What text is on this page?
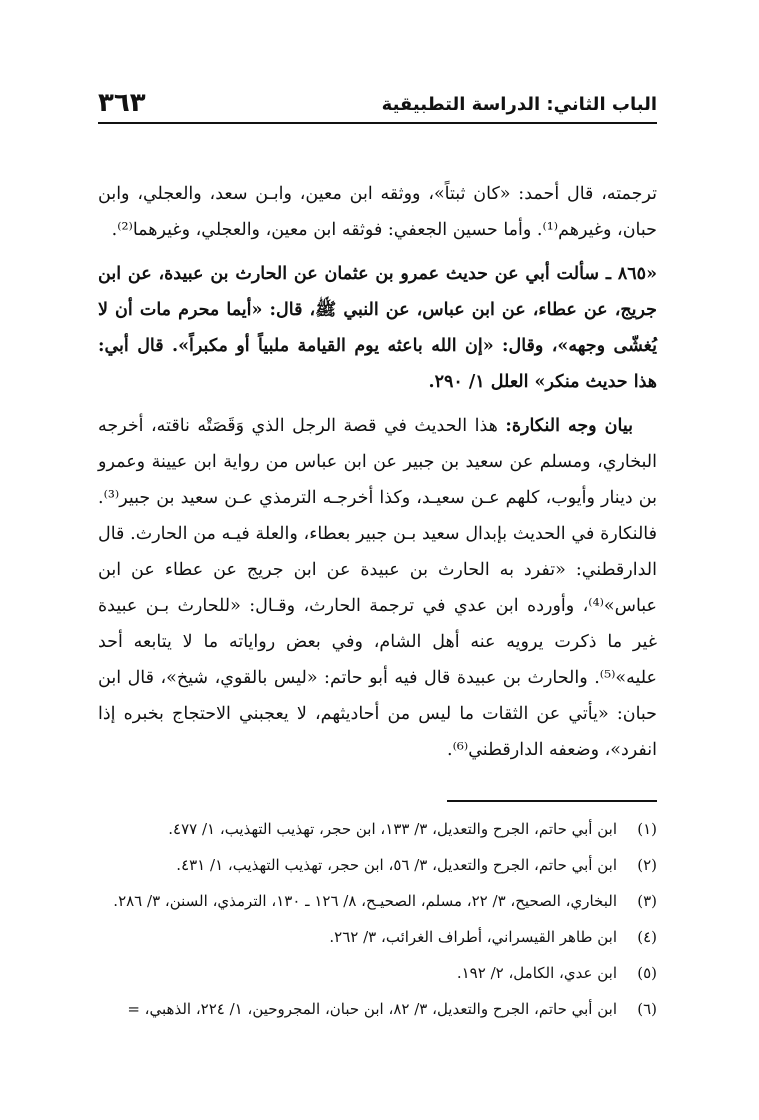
الباب الثاني: الدراسة التطبيقية
٣٦٣

ترجمته، قال أحمد: «كان ثبتاً»، ووثقه ابن معين، وابـن سعد، والعجلي، وابن حبان، وغيرهم⁽¹⁾. وأما حسين الجعفي: فوثقه ابن معين، والعجلي، وغيرهما⁽²⁾.

«٨٦٥ ـ سألت أبي عن حديث عمرو بن عثمان عن الحارث بن عبيدة، عن ابن جريج، عن عطاء، عن ابن عباس، عن النبي ﷺ، قال: «أيما محرم مات أن لا يُغشّى وجهه»، وقال: «إن الله باعثه يوم القيامة ملبياً أو مكبراً». قال أبي: هذا حديث منكر» العلل ١/ ٢٩٠.

بيان وجه النكارة: هذا الحديث في قصة الرجل الذي وَقَصَتْه ناقته، أخرجه البخاري، ومسلم عن سعيد بن جبير عن ابن عباس من رواية ابن عيينة وعمرو بن دينار وأيوب، كلهم عـن سعيـد، وكذا أخرجـه الترمذي عـن سعيد بن جبير⁽³⁾. فالنكارة في الحديث بإبدال سعيد بـن جبير بعطاء، والعلة فيـه من الحارث. قال الدارقطني: «تفرد به الحارث بن عبيدة عن ابن جريج عن عطاء عن ابن عباس»⁽⁴⁾، وأورده ابن عدي في ترجمة الحارث، وقـال: «للحارث بـن عبيدة غير ما ذكرت يرويه عنه أهل الشام، وفي بعض رواياته ما لا يتابعه أحد عليه»⁽⁵⁾. والحارث بن عبيدة قال فيه أبو حاتم: «ليس بالقوي، شيخ»، قال ابن حبان: «يأتي عن الثقات ما ليس من أحاديثهم، لا يعجبني الاحتجاج بخبره إذا انفرد»، وضعفه الدارقطني⁽⁶⁾.

(١)
ابن أبي حاتم، الجرح والتعديل، ٣/ ١٣٣، ابن حجر، تهذيب التهذيب، ١/ ٤٧٧.
(٢)
ابن أبي حاتم، الجرح والتعديل، ٣/ ٥٦، ابن حجر، تهذيب التهذيب، ١/ ٤٣١.
(٣)
البخاري، الصحيح، ٣/ ٢٢، مسلم، الصحيـح، ٨/ ١٢٦ ـ ١٣٠، الترمذي، السنن، ٣/ ٢٨٦.
(٤)
ابن طاهر القيسراني، أطراف الغرائب، ٣/ ٢٦٢.
(٥)
ابن عدي، الكامل، ٢/ ١٩٢.
(٦)
ابن أبي حاتم، الجرح والتعديل، ٣/ ٨٢، ابن حبان، المجروحين، ١/ ٢٢٤، الذهبي، =
